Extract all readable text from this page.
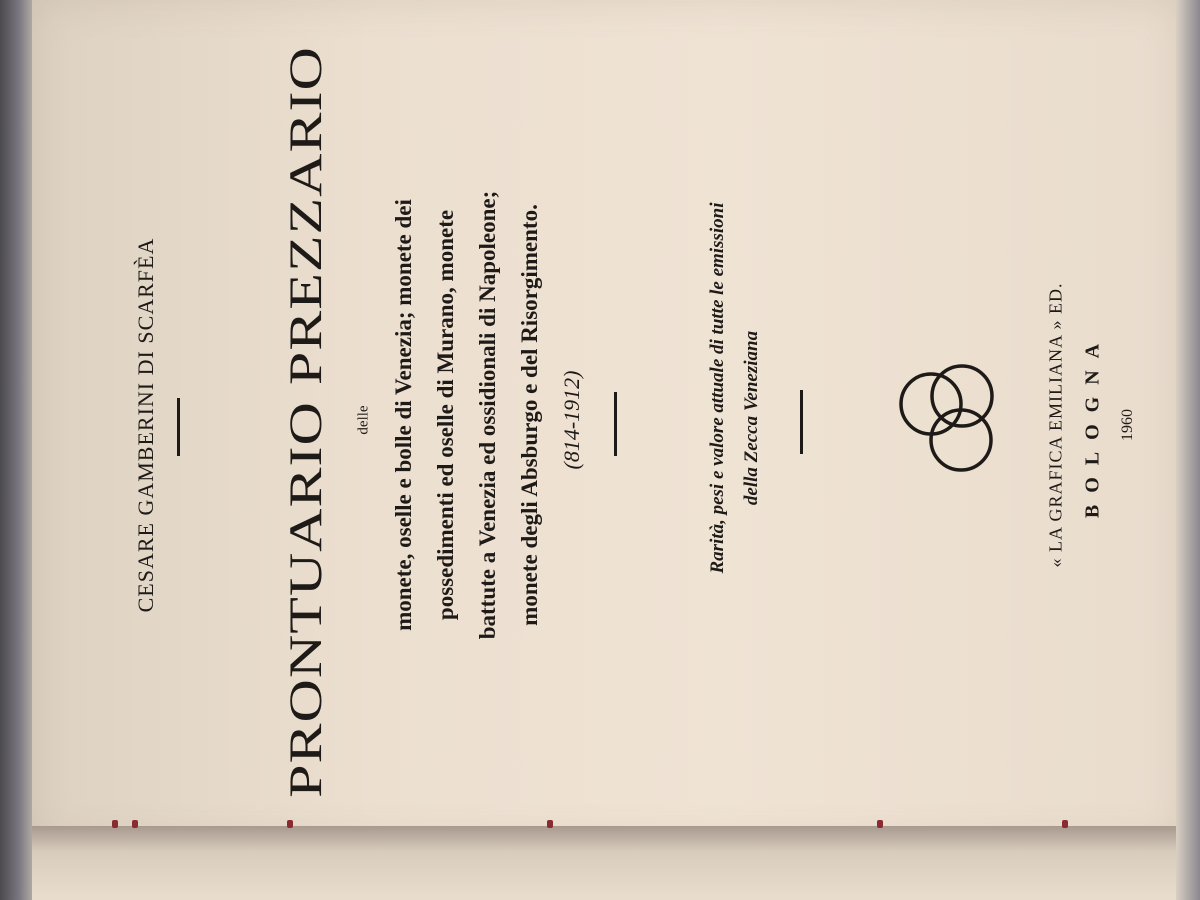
CESARE GAMBERINI DI SCARFÈA PRONTUARIO PREZZARIO delle monete, oselle e bolle di Venezia; monete dei possedimenti ed oselle di Murano, monete battute a Venezia ed ossidionali di Napoleone; monete degli Absburgo e del Risorgimento. (814-1912)	Rarità, pesi e valore attuale di tutte le emissioni della Zecca Veneziana	« LA GRAFICA EMILIANA » ED. BOLOGNA 1960
